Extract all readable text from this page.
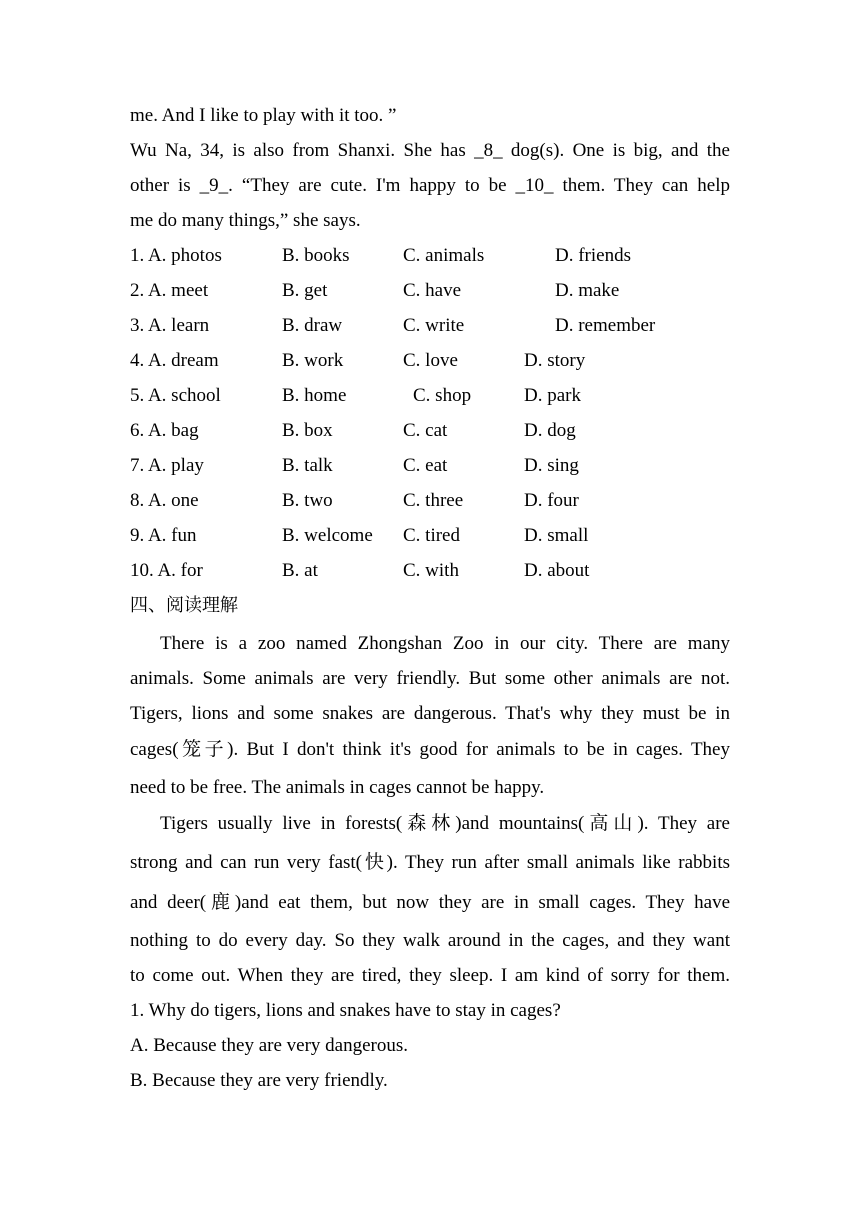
me. And I like to play with it too. ”
Wu Na, 34, is also from Shanxi. She has _8_ dog(s). One is big, and the
other is _9_. “They are cute. I'm happy to be _10_ them. They can help
me do many things,” she says.
1. A. photos	B. books	C. animals	D. friends
2. A. meet	B. get	C. have	D. make
3. A. learn	B. draw	C. write	D. remember
4. A. dream	B. work	C. love	D. story
5. A. school	B. home	C. shop	D. park
6. A. bag	B. box	C. cat	D. dog
7. A. play	B. talk	C. eat	D. sing
8. A. one	B. two	C. three	D. four
9. A. fun	B. welcome C. tired	D. small
10. A. for	B. at	C. with	D. about
四、阅读理解
There is a zoo named Zhongshan Zoo in our city. There are many
animals. Some animals are very friendly. But some other animals are not.
Tigers, lions and some snakes are dangerous. That's why they must be in
cages(笼子). But I don't think it's good for animals to be in cages. They
need to be free. The animals in cages cannot be happy.
Tigers usually live in forests(森林)and mountains(高山). They are
strong and can run very fast(快). They run after small animals like rabbits
and deer(鹿)and eat them, but now they are in small cages. They have
nothing to do every day. So they walk around in the cages, and they want
to come out. When they are tired, they sleep. I am kind of sorry for them.
1. Why do tigers, lions and snakes have to stay in cages?
A. Because they are very dangerous.
B. Because they are very friendly.
